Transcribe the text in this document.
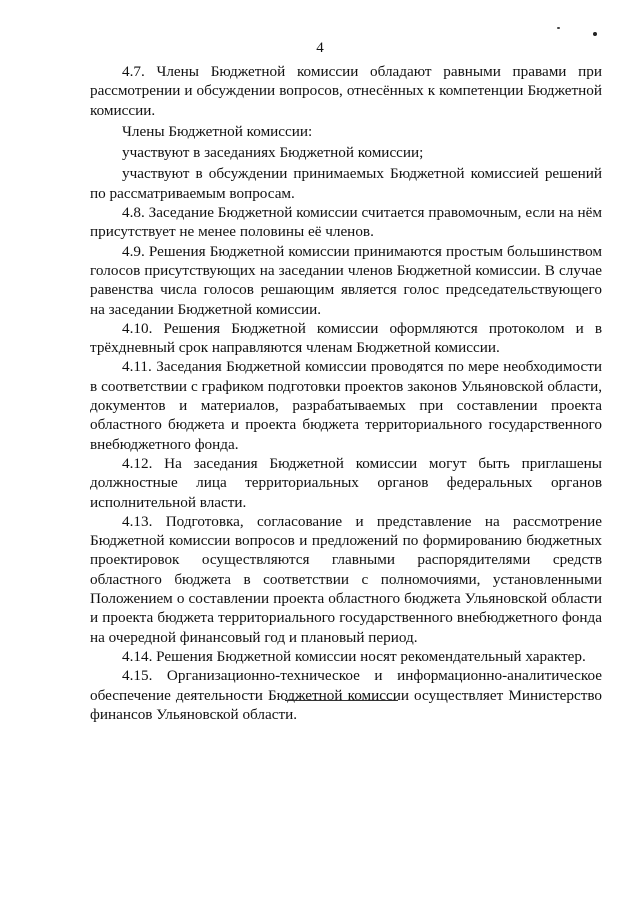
4

4.7. Члены Бюджетной комиссии обладают равными правами при рассмотрении и обсуждении вопросов, отнесённых к компетенции Бюджетной комиссии.

Члены Бюджетной комиссии:

участвуют в заседаниях Бюджетной комиссии;

участвуют в обсуждении принимаемых Бюджетной комиссией решений по рассматриваемым вопросам.

4.8. Заседание Бюджетной комиссии считается правомочным, если на нём присутствует не менее половины её членов.

4.9. Решения Бюджетной комиссии принимаются простым большинством голосов присутствующих на заседании членов Бюджетной комиссии. В случае равенства числа голосов решающим является голос председательствующего на заседании Бюджетной комиссии.

4.10. Решения Бюджетной комиссии оформляются протоколом и в трёхдневный срок направляются членам Бюджетной комиссии.

4.11. Заседания Бюджетной комиссии проводятся по мере необходимости в соответствии с графиком подготовки проектов законов Ульяновской области, документов и материалов, разрабатываемых при составлении проекта областного бюджета и проекта бюджета территориального государственного внебюджетного фонда.

4.12. На заседания Бюджетной комиссии могут быть приглашены должностные лица территориальных органов федеральных органов исполнительной власти.

4.13. Подготовка, согласование и представление на рассмотрение Бюджетной комиссии вопросов и предложений по формированию бюджетных проектировок осуществляются главными распорядителями средств областного бюджета в соответствии с полномочиями, установленными Положением о составлении проекта областного бюджета Ульяновской области и проекта бюджета территориального государственного внебюджетного фонда на очередной финансовый год и плановый период.

4.14. Решения Бюджетной комиссии носят рекомендательный характер.

4.15. Организационно-техническое и информационно-аналитическое обеспечение деятельности Бюджетной комиссии осуществляет Министерство финансов Ульяновской области.
